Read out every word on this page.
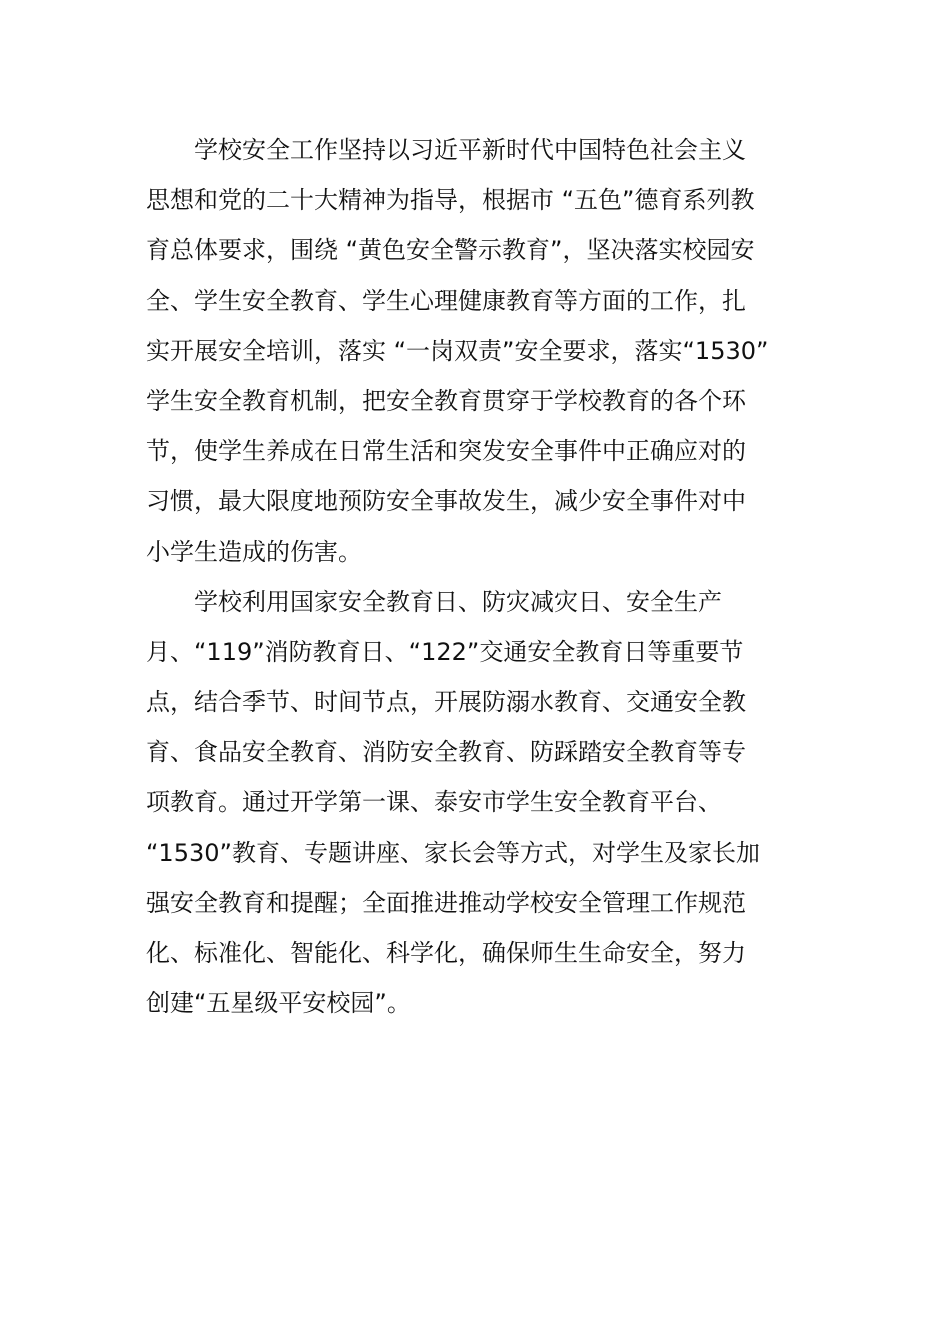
学校安全工作坚持以习近平新时代中国特色社会主义
思想和党的二十大精神为指导，根据市 “五色”德育系列教
育总体要求，围绕 “黄色安全警示教育”，坚决落实校园安
全、学生安全教育、学生心理健康教育等方面的工作，扎
实开展安全培训，落实 “一岗双责”安全要求，落实“1530”
学生安全教育机制，把安全教育贯穿于学校教育的各个环
节，使学生养成在日常生活和突发安全事件中正确应对的
习惯，最大限度地预防安全事故发生，减少安全事件对中
小学生造成的伤害。
学校利用国家安全教育日、防灾减灾日、安全生产
月、“119”消防教育日、“122”交通安全教育日等重要节
点，结合季节、时间节点，开展防溺水教育、交通安全教
育、食品安全教育、消防安全教育、防踩踏安全教育等专
项教育。通过开学第一课、泰安市学生安全教育平台、
“1530”教育、专题讲座、家长会等方式，对学生及家长加
强安全教育和提醒；全面推进推动学校安全管理工作规范
化、标准化、智能化、科学化，确保师生生命安全，努力
创建“五星级平安校园”。
